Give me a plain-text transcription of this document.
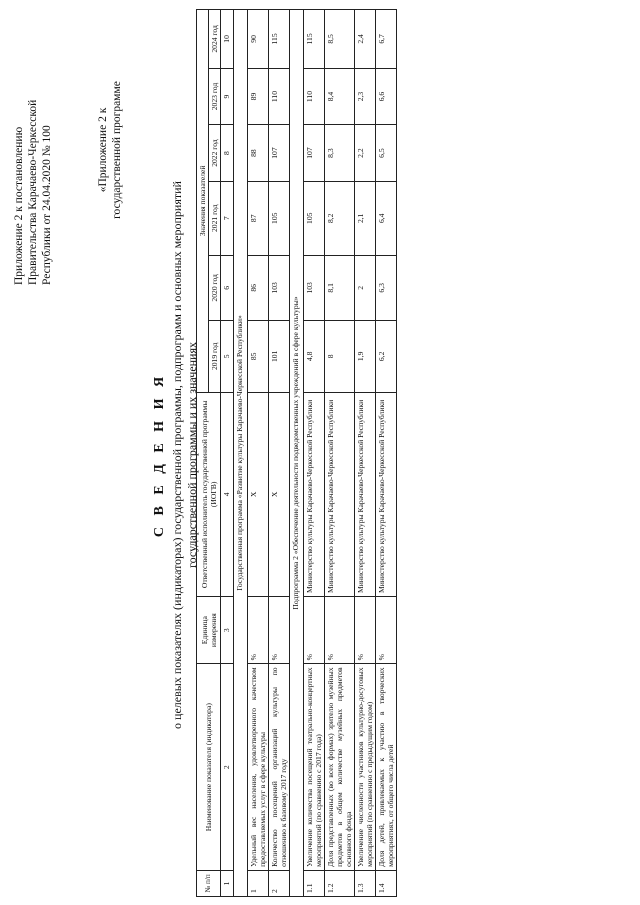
Приложение 2 к постановлению Правительства Карачаево-Черкесской Республики от 24.04.2020 № 100	«Приложение 2 к государственной программе
С В Е Д Е Н И Я о целевых показателях (индикаторах) государственной программы, подпрограмм и основных мероприятий государственной программы и их значениях
№ п/п	Наименование показателя (индикатора)	Единица измерения	Ответственный исполнитель государственной программы (ИОГВ)	Значения показателей					
				2019 год	2020 год	2021 год	2022 год	2023 год	2024 год
1	2	3	4	5	6	7	8	9	10
Государственная программа «Развитие культуры Карачаево-Черкесской Республики»									
1	Удельный вес населения, удовлетворенного качеством предоставляемых услуг в сфере культуры	%	Х	85	86	87	88	89	90
2	Количество посещений организаций культуры по отношению к базовому 2017 году	%	Х	101	103	105	107	110	115
Подпрограмма 2 «Обеспечение деятельности подведомственных учреждений в сфере культуры»									
1.1	Увеличение количества посещений театрально-концертных мероприятий (по сравнению с 2017 года)	%	Министерство культуры Карачаево-Черкесской Республики	4,8	103	105	107	110	115
1.2	Доля представленных (во всех формах) зрителю музейных предметов в общем количестве музейных предметов основного фонда	%	Министерство культуры Карачаево-Черкесской Республики	8	8,1	8,2	8,3	8,4	8,5
1.3	Увеличение численности участников культурно-досуговых мероприятий (по сравнению с предыдущим годом)	%	Министерство культуры Карачаево-Черкесской Республики	1,9	2	2,1	2,2	2,3	2,4
1.4	Доля детей, привлекаемых к участию в творческих мероприятиях, от общего числа детей	%	Министерство культуры Карачаево-Черкесской Республики	6,2	6,3	6,4	6,5	6,6	6,7
